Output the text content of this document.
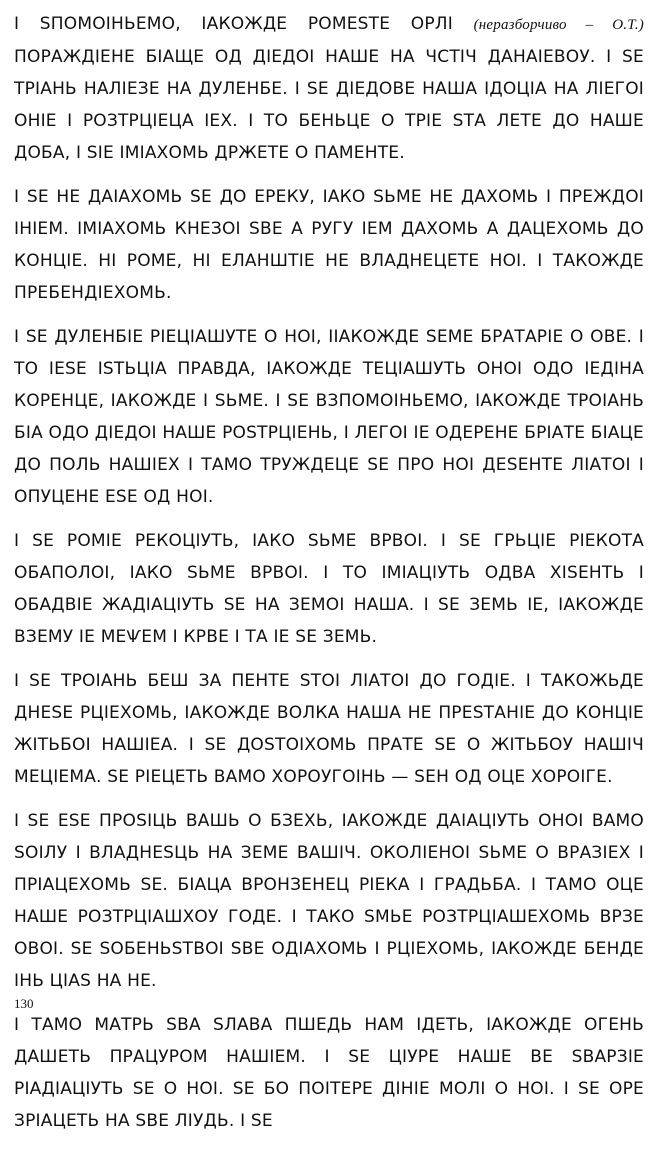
І ЅПОМОІНЬЕМО, ІАКОЖДЕ РОМЕЅТЕ ОРЛІ (неразборчиво – О.Т.) ПОРАЖДІЕНЕ БІАЩЕ ОД ДІЕДОІ НАШЕ НА ЧСТІЧ ДАНАІЕВОУ. І ЅЕ ТРІАНЬ НАЛІЕЗЕ НА ДУЛЕНБЕ. І ЅЕ ДІЕДОВЕ НАША ІДОЦІА НА ЛІЕГОІ ОНІЕ І РОЗТРЦІЕЦА ІЕХ. І ТО БЕНЬЦЕ О ТРІЕ ЅТА ЛЕТЕ ДО НАШЕ ДОБА, І ЅІЕ ІМІАХОМЬ ДРЖЕТЕ О ПАМЕНТЕ.

І ЅЕ НЕ ДАІАХОМЬ ЅЕ ДО ЕРЕКУ, ІАКО ЅЬМЕ НЕ ДАХОМЬ І ПРЕЖДОІ ІНІЕМ. ІМІАХОМЬ КНЕЗОІ ЅВЕ А РУГУ ІЕМ ДАХОМЬ А ДАЦЕХОМЬ ДО КОНЦІЕ. НІ РОМЕ, НІ ЕЛАНШТІЕ НЕ ВЛАДНЕЦЕТЕ НОІ. І ТАКОЖДЕ ПРЕБЕНДІЕХОМЬ.

І ЅЕ ДУЛЕНБІЕ РІЕЦІАШУТЕ О НОІ, ІІАКОЖДЕ ЅЕМЕ БРАТАРІЕ О ОВЕ. І ТО ІЕЅЕ ІЅТЬЦІА ПРАВДА, ІАКОЖДЕ ТЕЦІАШУТЬ ОНОІ ОДО ІЕДІНА КОРЕНЦЕ, ІАКОЖДЕ І ЅЬМЕ. І ЅЕ ВЗПОМОІНЬЕМО, ІАКОЖДЕ ТРОІАНЬ БІА ОДО ДІЕДОІ НАШЕ РОЅТРЦІЕНЬ, І ЛЕГОІ ІЕ ОДЕРЕНЕ БРІАТЕ БІАЦЕ ДО ПОЛЬ НАШІЕХ І ТАМО ТРУЖДЕЦЕ ЅЕ ПРО НОІ ДЕЅЕНТЕ ЛІАТОІ І ОПУЦЕНЕ ЕЅЕ ОД НОІ.

І ЅЕ РОМІЕ РЕКОЦІУТЬ, ІАКО ЅЬМЕ ВРВОІ. І ЅЕ ГРЬЦІЕ РІЕКОТА ОБАПОЛОІ, ІАКО ЅЬМЕ ВРВОІ. І ТО ІМІАЦІУТЬ ОДВА ХІЅЕНТЬ І ОБАДВІЕ ЖАДІАЦІУТЬ ЅЕ НА ЗЕМОІ НАША. І ЅЕ ЗЕМЬ ІЕ, ІАКОЖДЕ ВЗЕМУ ІЕ МЕѰЕМ І КРВЕ І ТА ІЕ ЅЕ ЗЕМЬ.

І ЅЕ ТРОІАНЬ БЕШ ЗА ПЕНТЕ ЅТОІ ЛІАТОІ ДО ГОДІЕ. І ТАКОЖЬДЕ ДНЕЅЕ РЦІЕХОМЬ, ІАКОЖДЕ ВОЛКА НАША НЕ ПРЕЅТАНІЕ ДО КОНЦІЕ ЖІТЬБОІ НАШІЕА. І ЅЕ ДОЅТОІХОМЬ ПРАТЕ ЅЕ О ЖІТЬБОУ НАШІЧ МЕЦІЕМА. ЅЕ РІЕЦЕТЬ ВАМО ХОРОУГОІНЬ — ЅЕН ОД ОЦЕ ХОРОІГЕ.

І ЅЕ ЕЅЕ ПРОЅІЦЬ ВАШЬ О БЗЕХЬ, ІАКОЖДЕ ДАІАЦІУТЬ ОНОІ ВАМО ЅОІЛУ І ВЛАДНЕЅЦЬ НА ЗЕМЕ ВАШІЧ. ОКОЛІЕНОІ ЅЬМЕ О ВРАЗІЕХ І ПРІАЦЕХОМЬ ЅЕ. БІАЦА ВРОНЗЕНЕЦ РІЕКА І ГРАДЬБА. І ТАМО ОЦЕ НАШЕ РОЗТРЦІАШХОУ ГОДЕ. І ТАКО ЅМЬЕ РОЗТРЦІАШЕХОМЬ ВРЗЕ ОВОІ. ЅЕ ЅОБЕНЬЅТВОІ ЅВЕ ОДІАХОМЬ І РЦІЕХОМЬ, ІАКОЖДЕ БЕНДЕ ІНЬ ЦІАЅ НА НЕ.

І ТАМО МАТРЬ ЅВА ЅЛАВА ПШЕДЬ НАМ ІДЕТЬ, ІАКОЖДЕ ОГЕНЬ ДАШЕТЬ ПРАЦУРОМ НАШІЕМ. І ЅЕ ЦІУРЕ НАШЕ ВЕ ЅВАРЗІЕ РІАДІАЦІУТЬ ЅЕ О НОІ. ЅЕ БО ПОІТЕРЕ ДІНІЕ МОЛІ О НОІ. І ЅЕ ОРЕ ЗРІАЦЕТЬ НА ЅВЕ ЛІУДЬ. І ЅЕ

130
